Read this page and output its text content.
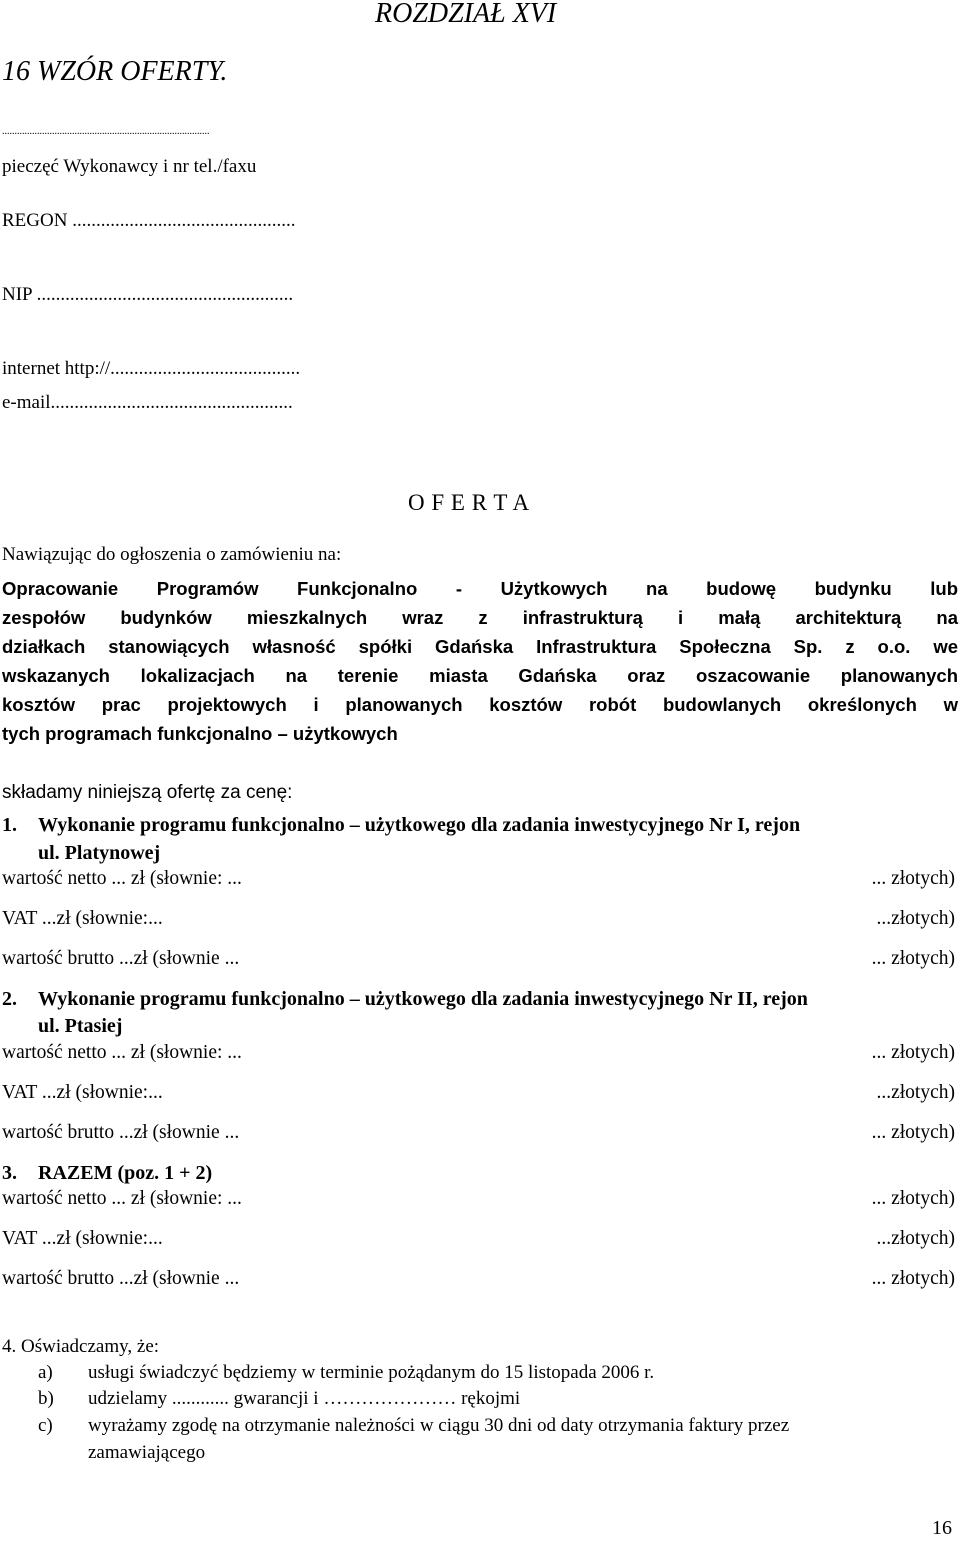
ROZDZIAŁ XVI
16 WZÓR OFERTY.
...................................................................................
pieczęć Wykonawcy i nr tel./faxu
REGON ...............................................
NIP ......................................................
internet http://........................................
e-mail...................................................
O F E R T A
Nawiązując do ogłoszenia o zamówieniu na:
Opracowanie Programów Funkcjonalno - Użytkowych na budowę budynku lub
zespołów budynków mieszkalnych wraz z infrastrukturą i małą architekturą na
działkach stanowiących własność spółki Gdańska Infrastruktura Społeczna Sp. z o.o. we
wskazanych lokalizacjach na terenie miasta Gdańska oraz oszacowanie planowanych
kosztów prac projektowych i planowanych kosztów robót budowlanych określonych w
tych programach funkcjonalno – użytkowych
składamy niniejszą ofertę za cenę:
1. Wykonanie programu funkcjonalno – użytkowego dla zadania inwestycyjnego Nr I, rejon
ul. Platynowej
wartość netto ... zł (słownie: ...	... złotych)
VAT ...zł (słownie:...	...złotych)
wartość brutto ...zł (słownie ...	... złotych)
2. Wykonanie programu funkcjonalno – użytkowego dla zadania inwestycyjnego Nr II, rejon
ul. Ptasiej
wartość netto ... zł (słownie: ...	... złotych)
VAT ...zł (słownie:...	...złotych)
wartość brutto ...zł (słownie ...	... złotych)
3. RAZEM (poz. 1 + 2)
wartość netto ... zł (słownie: ...	... złotych)
VAT ...zł (słownie:...	...złotych)
wartość brutto ...zł (słownie ...	... złotych)
4. Oświadczamy, że:
a) usługi świadczyć będziemy w terminie pożądanym do 15 listopada 2006 r.
b) udzielamy ............ gwarancji i ………………… rękojmi
c) wyrażamy zgodę na otrzymanie należności w ciągu 30 dni od daty otrzymania faktury przez
zamawiającego
16
